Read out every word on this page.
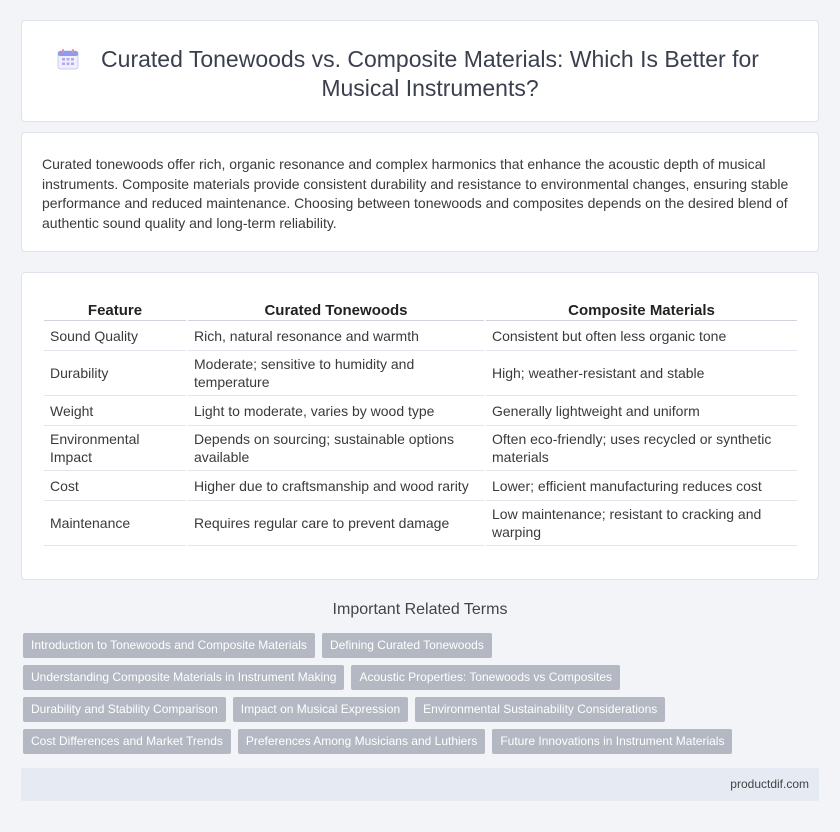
Curated Tonewoods vs. Composite Materials: Which Is Better for Musical Instruments?

Curated tonewoods offer rich, organic resonance and complex harmonics that enhance the acoustic depth of musical instruments. Composite materials provide consistent durability and resistance to environmental changes, ensuring stable performance and reduced maintenance. Choosing between tonewoods and composites depends on the desired blend of authentic sound quality and long-term reliability.

Feature	Curated Tonewoods	Composite Materials
Sound Quality	Rich, natural resonance and warmth	Consistent but often less organic tone
Durability	Moderate; sensitive to humidity and temperature	High; weather-resistant and stable
Weight	Light to moderate, varies by wood type	Generally lightweight and uniform
Environmental Impact	Depends on sourcing; sustainable options available	Often eco-friendly; uses recycled or synthetic materials
Cost	Higher due to craftsmanship and wood rarity	Lower; efficient manufacturing reduces cost
Maintenance	Requires regular care to prevent damage	Low maintenance; resistant to cracking and warping
Important Related Terms
Introduction to Tonewoods and Composite Materials	Defining Curated Tonewoods
Understanding Composite Materials in Instrument Making	Acoustic Properties: Tonewoods vs Composites
Durability and Stability Comparison	Impact on Musical Expression	Environmental Sustainability Considerations
Cost Differences and Market Trends	Preferences Among Musicians and Luthiers	Future Innovations in Instrument Materials
productdif.com
